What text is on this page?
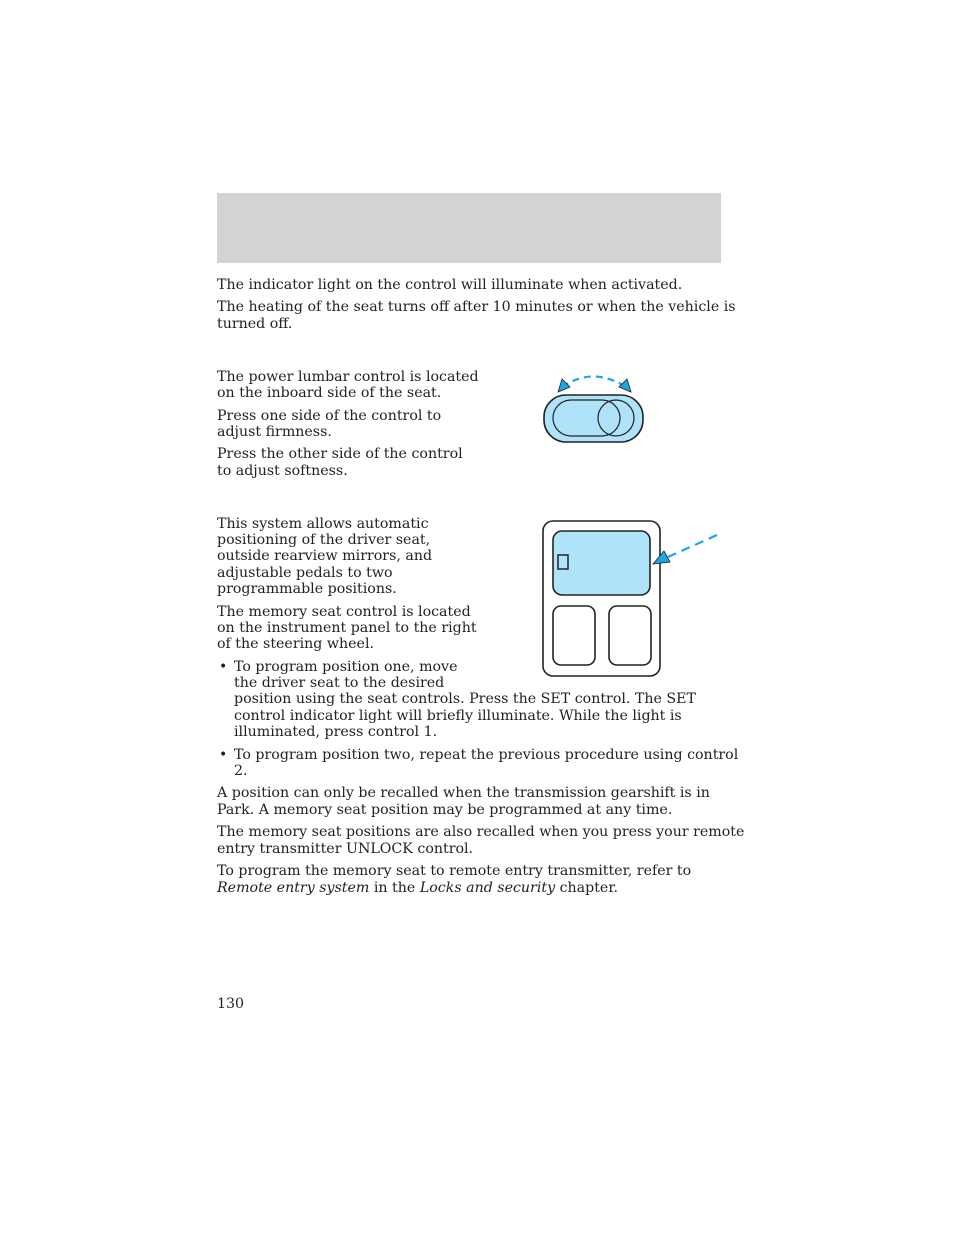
The indicator light on the control will illuminate when activated.

The heating of the seat turns off after 10 minutes or when the vehicle is

turned off.

The power lumbar control is located

on the inboard side of the seat.

Press one side of the control to

adjust firmness.

Press the other side of the control

to adjust softness.

This system allows automatic

positioning of the driver seat,

outside rearview mirrors, and

adjustable pedals to two

programmable positions.

The memory seat control is located

on the instrument panel to the right

of the steering wheel.

• To program position one, move

the driver seat to the desired

position using the seat controls. Press the SET control. The SET

control indicator light will briefly illuminate. While the light is

illuminated, press control 1.

• To program position two, repeat the previous procedure using control

2.

A position can only be recalled when the transmission gearshift is in

Park. A memory seat position may be programmed at any time.

The memory seat positions are also recalled when you press your remote

entry transmitter UNLOCK control.

To program the memory seat to remote entry transmitter, refer to

Remote entry system in the Locks and security chapter.

130
